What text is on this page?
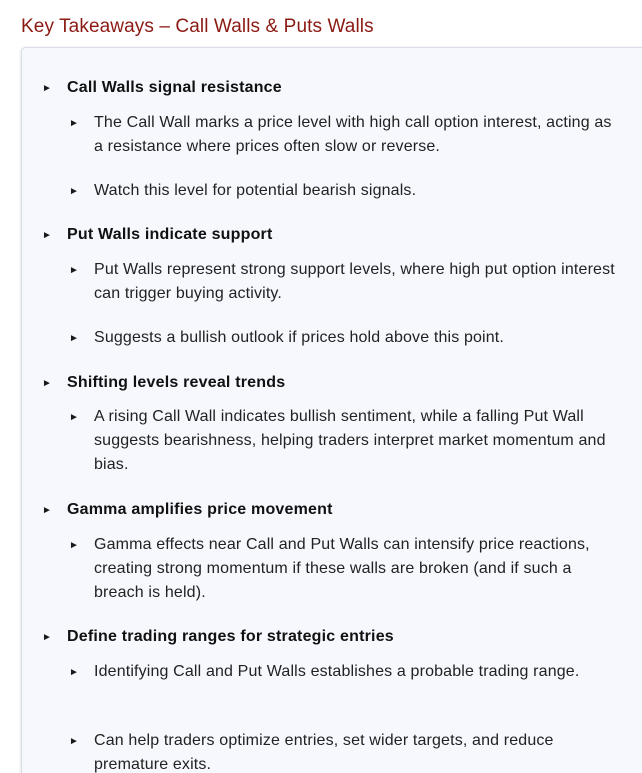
Key Takeaways – Call Walls & Puts Walls
► Call Walls signal resistance
► The Call Wall marks a price level with high call option interest, acting as a resistance where prices often slow or reverse.
► Watch this level for potential bearish signals.
► Put Walls indicate support
► Put Walls represent strong support levels, where high put option interest can trigger buying activity.
► Suggests a bullish outlook if prices hold above this point.
► Shifting levels reveal trends
► A rising Call Wall indicates bullish sentiment, while a falling Put Wall suggests bearishness, helping traders interpret market momentum and bias.
► Gamma amplifies price movement
► Gamma effects near Call and Put Walls can intensify price reactions, creating strong momentum if these walls are broken (and if such a breach is held).
► Define trading ranges for strategic entries
► Identifying Call and Put Walls establishes a probable trading range.
► Can help traders optimize entries, set wider targets, and reduce premature exits.
